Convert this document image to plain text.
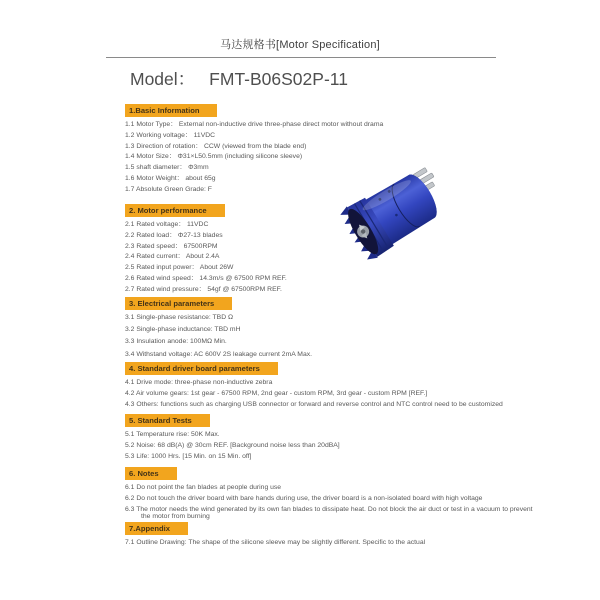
马达规格书[Motor Specification]
Model： FMT-B06S02P-11
1.Basic Information

1.1 Motor Type： External non-inductive drive three-phase direct motor without drama

1.2 Working voltage： 11VDC

1.3 Direction of rotation： CCW (viewed from the blade end)

1.4 Motor Size： Φ31×L50.5mm (including silicone sleeve)

1.5 shaft diameter： Φ3mm

1.6 Motor Weight： about 65g

1.7 Absolute Green Grade: F

2. Motor performance

2.1 Rated voltage： 11VDC

2.2 Rated load： Φ27-13 blades

2.3 Rated speed： 67500RPM

2.4 Rated current： About 2.4A

2.5 Rated input power： About 26W

2.6 Rated wind speed： 14.3m/s @ 67500 RPM REF.

2.7 Rated wind pressure： 54gf @ 67500RPM REF.

3. Electrical parameters

3.1 Single-phase resistance: TBD Ω

3.2 Single-phase inductance: TBD mH

3.3 Insulation anode: 100MΩ Min.

3.4 Withstand voltage: AC 600V 2S leakage current 2mA Max.

4. Standard driver board parameters

4.1 Drive mode: three-phase non-inductive zebra

4.2 Air volume gears: 1st gear - 67500 RPM, 2nd gear - custom RPM, 3rd gear - custom RPM [REF.]

4.3 Others: functions such as charging USB connector or forward and reverse control and NTC control need to be customized

5. Standard Tests

5.1 Temperature rise: 50K Max.

5.2 Noise: 68 dB(A) @ 30cm REF. [Background noise less than 20dBA]

5.3 Life: 1000 Hrs. [15 Min. on 15 Min. off]

6. Notes

6.1 Do not point the fan blades at people during use

6.2 Do not touch the driver board with bare hands during use, the driver board is a non-isolated board with high voltage

6.3 The motor needs the wind generated by its own fan blades to dissipate heat. Do not block the air duct or test in a vacuum to prevent the motor from burning

7.Appendix

7.1 Outline Drawing: The shape of the silicone sleeve may be slightly different. Specific to the actual
